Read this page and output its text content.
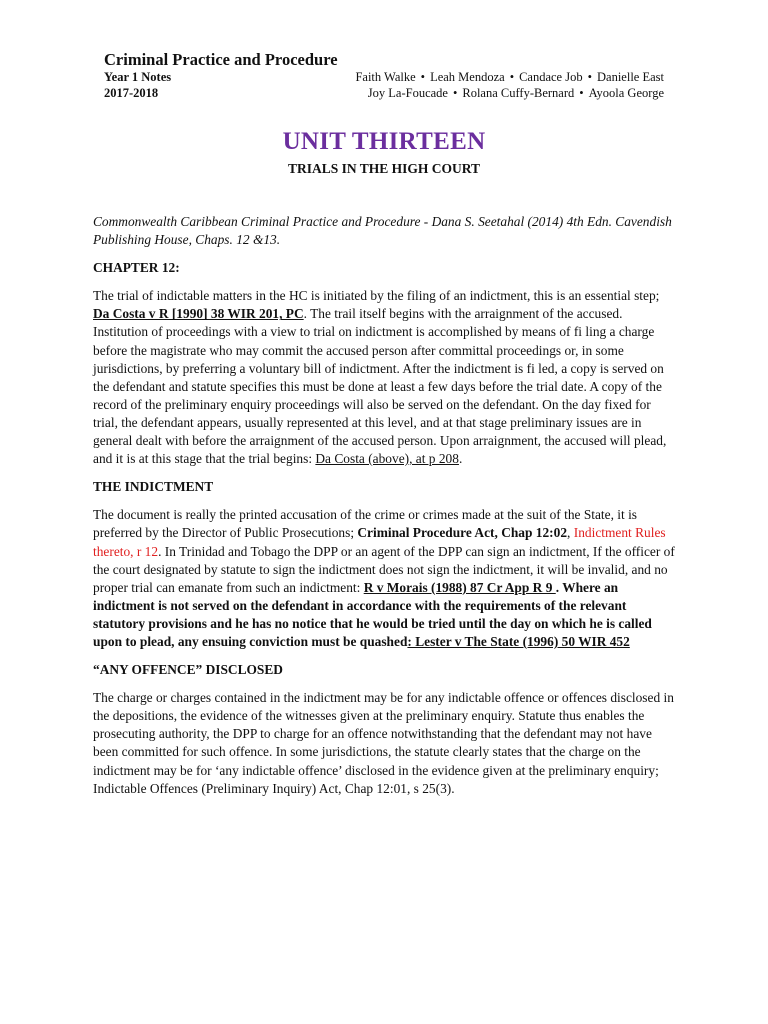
Criminal Practice and Procedure
Year 1 Notes
2017-2018
Faith Walke • Leah Mendoza • Candace Job • Danielle East
Joy La-Foucade • Rolana Cuffy-Bernard • Ayoola George
UNIT THIRTEEN
TRIALS IN THE HIGH COURT

Commonwealth Caribbean Criminal Practice and Procedure - Dana S. Seetahal (2014) 4th Edn. Cavendish Publishing House, Chaps. 12 &13.

CHAPTER 12:

The trial of indictable matters in the HC is initiated by the filing of an indictment, this is an essential step; Da Costa v R [1990] 38 WIR 201, PC. The trail itself begins with the arraignment of the accused. Institution of proceedings with a view to trial on indictment is accomplished by means of fi ling a charge before the magistrate who may commit the accused person after committal proceedings or, in some jurisdictions, by preferring a voluntary bill of indictment. After the indictment is fi led, a copy is served on the defendant and statute specifies this must be done at least a few days before the trial date. A copy of the record of the preliminary enquiry proceedings will also be served on the defendant. On the day fixed for trial, the defendant appears, usually represented at this level, and at that stage preliminary issues are in general dealt with before the arraignment of the accused person. Upon arraignment, the accused will plead, and it is at this stage that the trial begins: Da Costa (above), at p 208.

THE INDICTMENT

The document is really the printed accusation of the crime or crimes made at the suit of the State, it is preferred by the Director of Public Prosecutions; Criminal Procedure Act, Chap 12:02, Indictment Rules thereto, r 12. In Trinidad and Tobago the DPP or an agent of the DPP can sign an indictment, If the officer of the court designated by statute to sign the indictment does not sign the indictment, it will be invalid, and no proper trial can emanate from such an indictment: R v Morais (1988) 87 Cr App R 9 . Where an indictment is not served on the defendant in accordance with the requirements of the relevant statutory provisions and he has no notice that he would be tried until the day on which he is called upon to plead, any ensuing conviction must be quashed: Lester v The State (1996) 50 WIR 452

“ANY OFFENCE” DISCLOSED

The charge or charges contained in the indictment may be for any indictable offence or offences disclosed in the depositions, the evidence of the witnesses given at the preliminary enquiry. Statute thus enables the prosecuting authority, the DPP to charge for an offence notwithstanding that the defendant may not have been committed for such offence. In some jurisdictions, the statute clearly states that the charge on the indictment may be for ‘any indictable offence’ disclosed in the evidence given at the preliminary enquiry; Indictable Offences (Preliminary Inquiry) Act, Chap 12:01, s 25(3).
